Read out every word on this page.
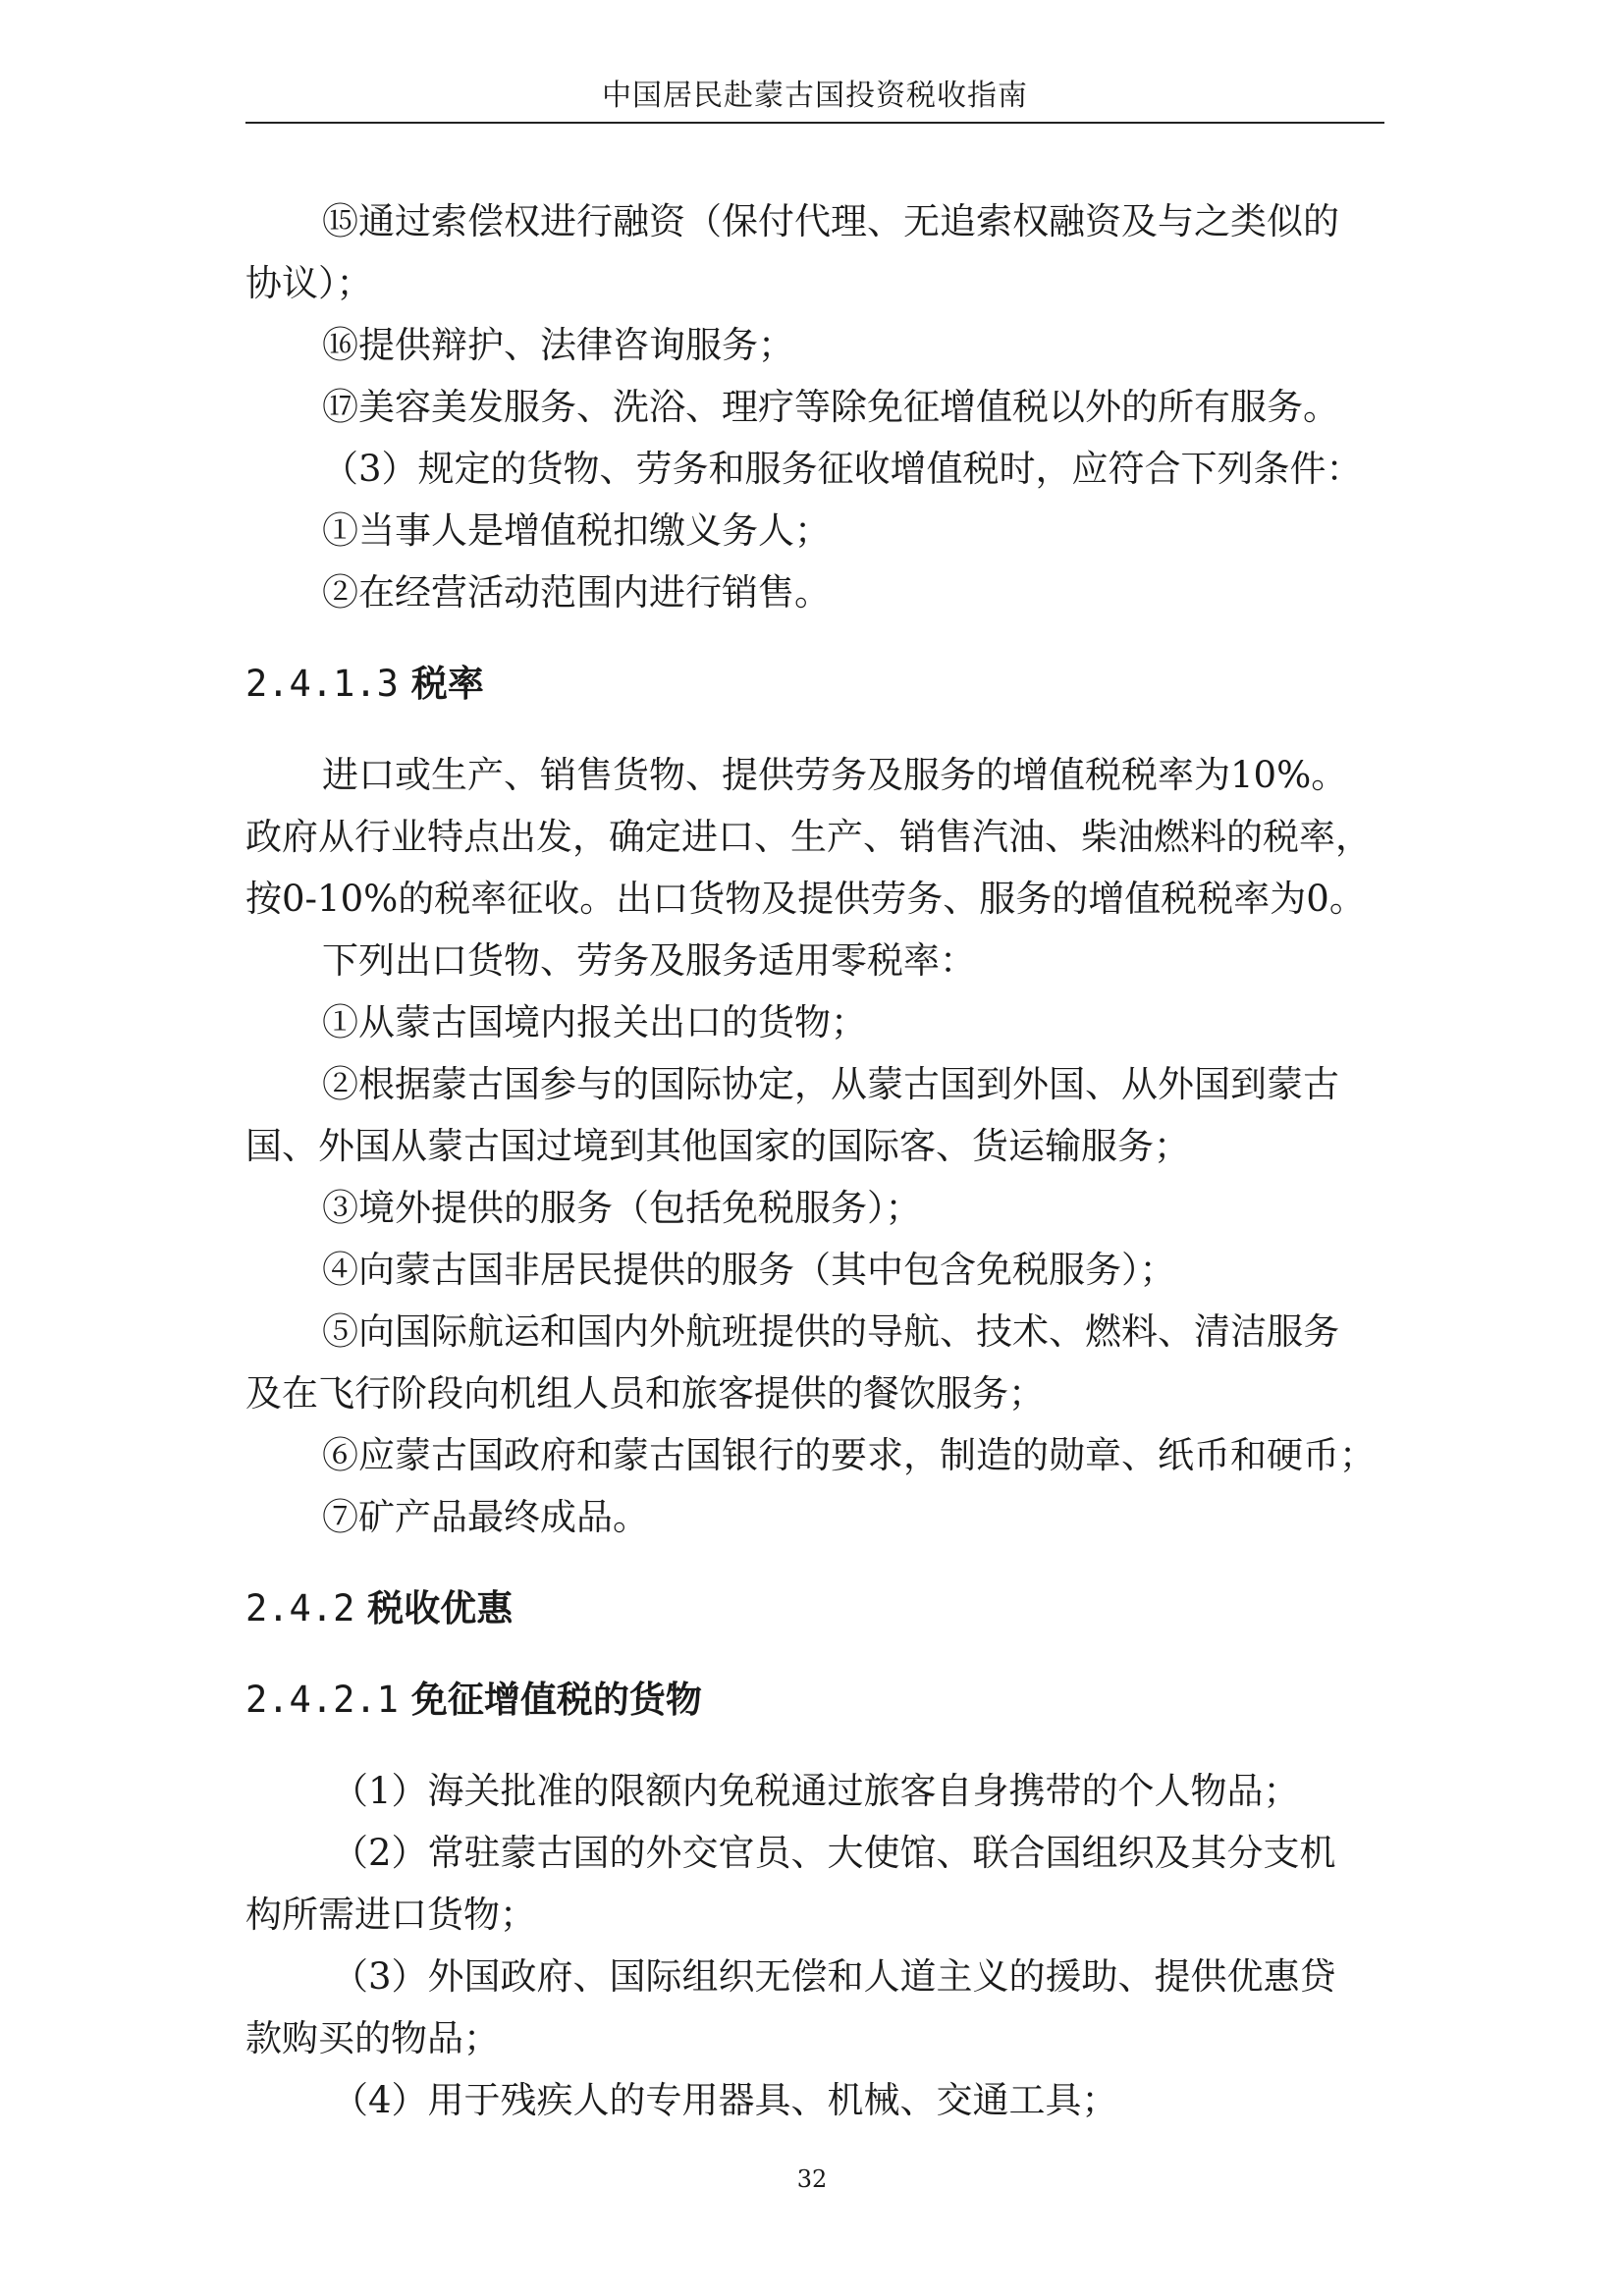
中国居民赴蒙古国投资税收指南

⑮通过索偿权进行融资（保付代理、无追索权融资及与之类似的

协议）；

⑯提供辩护、法律咨询服务；

⑰美容美发服务、洗浴、理疗等除免征增值税以外的所有服务。

（3）规定的货物、劳务和服务征收增值税时，应符合下列条件：

①当事人是增值税扣缴义务人；

②在经营活动范围内进行销售。

2.4.1.3 税率

进口或生产、销售货物、提供劳务及服务的增值税税率为10%。

政府从行业特点出发，确定进口、生产、销售汽油、柴油燃料的税率，

按0-10%的税率征收。出口货物及提供劳务、服务的增值税税率为0。

下列出口货物、劳务及服务适用零税率：

①从蒙古国境内报关出口的货物；

②根据蒙古国参与的国际协定，从蒙古国到外国、从外国到蒙古

国、外国从蒙古国过境到其他国家的国际客、货运输服务；

③境外提供的服务（包括免税服务）；

④向蒙古国非居民提供的服务（其中包含免税服务）；

⑤向国际航运和国内外航班提供的导航、技术、燃料、清洁服务

及在飞行阶段向机组人员和旅客提供的餐饮服务；

⑥应蒙古国政府和蒙古国银行的要求，制造的勋章、纸币和硬币；

⑦矿产品最终成品。

2.4.2 税收优惠
2.4.2.1 免征增值税的货物

（1）海关批准的限额内免税通过旅客自身携带的个人物品；

（2）常驻蒙古国的外交官员、大使馆、联合国组织及其分支机

构所需进口货物；

（3）外国政府、国际组织无偿和人道主义的援助、提供优惠贷

款购买的物品；

（4）用于残疾人的专用器具、机械、交通工具；

32
